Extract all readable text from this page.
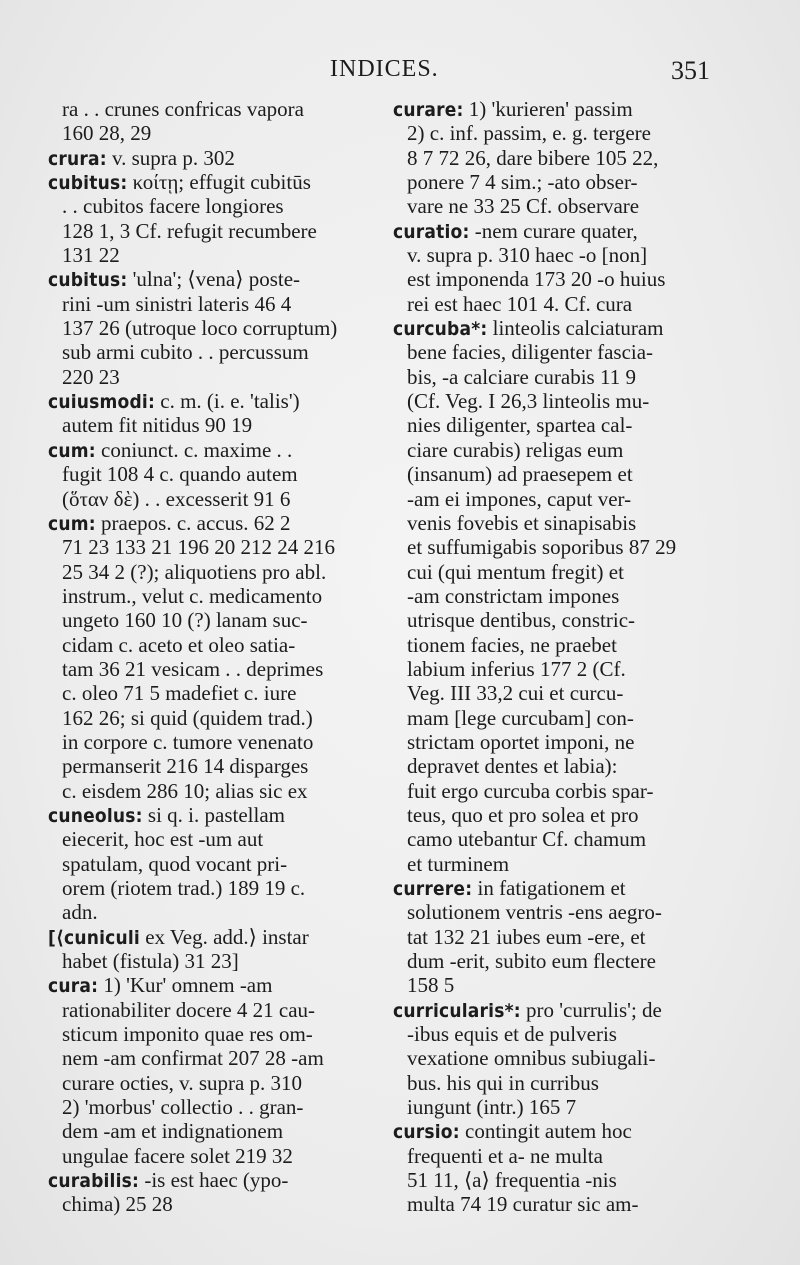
INDICES.	351
ra . . crunes confricas vapora
160 28, 29
crura: v. supra p. 302
cubitus: κοίτῃ; effugit cubitūs
. . cubitos facere longiores
128 1, 3 Cf. refugit recumbere
131 22
cubitus: 'ulna'; ⟨vena⟩ poste-
rini -um sinistri lateris 46 4
137 26 (utroque loco corruptum)
sub armi cubito . . percussum
220 23
cuiusmodi: c. m. (i. e. 'talis')
autem fit nitidus 90 19
cum: coniunct. c. maxime . .
fugit 108 4 c. quando autem
(ὅταν δὲ) . . excesserit 91 6
cum: praepos. c. accus. 62 2
71 23 133 21 196 20 212 24 216
25 34 2 (?); aliquotiens pro abl.
instrum., velut c. medicamento
ungeto 160 10 (?) lanam suc-
cidam c. aceto et oleo satia-
tam 36 21 vesicam . . deprimes
c. oleo 71 5 madefiet c. iure
162 26; si quid (quidem trad.)
in corpore c. tumore venenato
permanserit 216 14 disparges
c. eisdem 286 10; alias sic ex
cuneolus: si q. i. pastellam
eiecerit, hoc est -um aut
spatulam, quod vocant pri-
orem (riotem trad.) 189 19 c.
adn.
[⟨cuniculi ex Veg. add.⟩ instar
habet (fistula) 31 23]
cura: 1) 'Kur' omnem -am
rationabiliter docere 4 21 cau-
sticum imponito quae res om-
nem -am confirmat 207 28 -am
curare octies, v. supra p. 310
2) 'morbus' collectio . . gran-
dem -am et indignationem
ungulae facere solet 219 32
curabilis: -is est haec (ypo-
chima) 25 28
curare: 1) 'kurieren' passim
2) c. inf. passim, e. g. tergere
8 7 72 26, dare bibere 105 22,
ponere 7 4 sim.; -ato obser-
vare ne 33 25 Cf. observare
curatio: -nem curare quater,
v. supra p. 310 haec -o [non]
est imponenda 173 20 -o huius
rei est haec 101 4. Cf. cura
curcuba*: linteolis calciaturam
bene facies, diligenter fascia-
bis, -a calciare curabis 11 9
(Cf. Veg. I 26,3 linteolis mu-
nies diligenter, spartea cal-
ciare curabis) religas eum
(insanum) ad praesepem et
-am ei impones, caput ver-
venis fovebis et sinapisabis
et suffumigabis soporibus 87 29
cui (qui mentum fregit) et
-am constrictam impones
utrisque dentibus, constric-
tionem facies, ne praebet
labium inferius 177 2 (Cf.
Veg. III 33,2 cui et curcu-
mam [lege curcubam] con-
strictam oportet imponi, ne
depravet dentes et labia):
fuit ergo curcuba corbis spar-
teus, quo et pro solea et pro
camo utebantur Cf. chamum
et turminem
currere: in fatigationem et
solutionem ventris -ens aegro-
tat 132 21 iubes eum -ere, et
dum -erit, subito eum flectere
158 5
curricularis*: pro 'currulis'; de
-ibus equis et de pulveris
vexatione omnibus subiugali-
bus. his qui in curribus
iungunt (intr.) 165 7
cursio: contingit autem hoc
frequenti et a- ne multa
51 11, ⟨a⟩ frequentia -nis
multa 74 19 curatur sic am-
